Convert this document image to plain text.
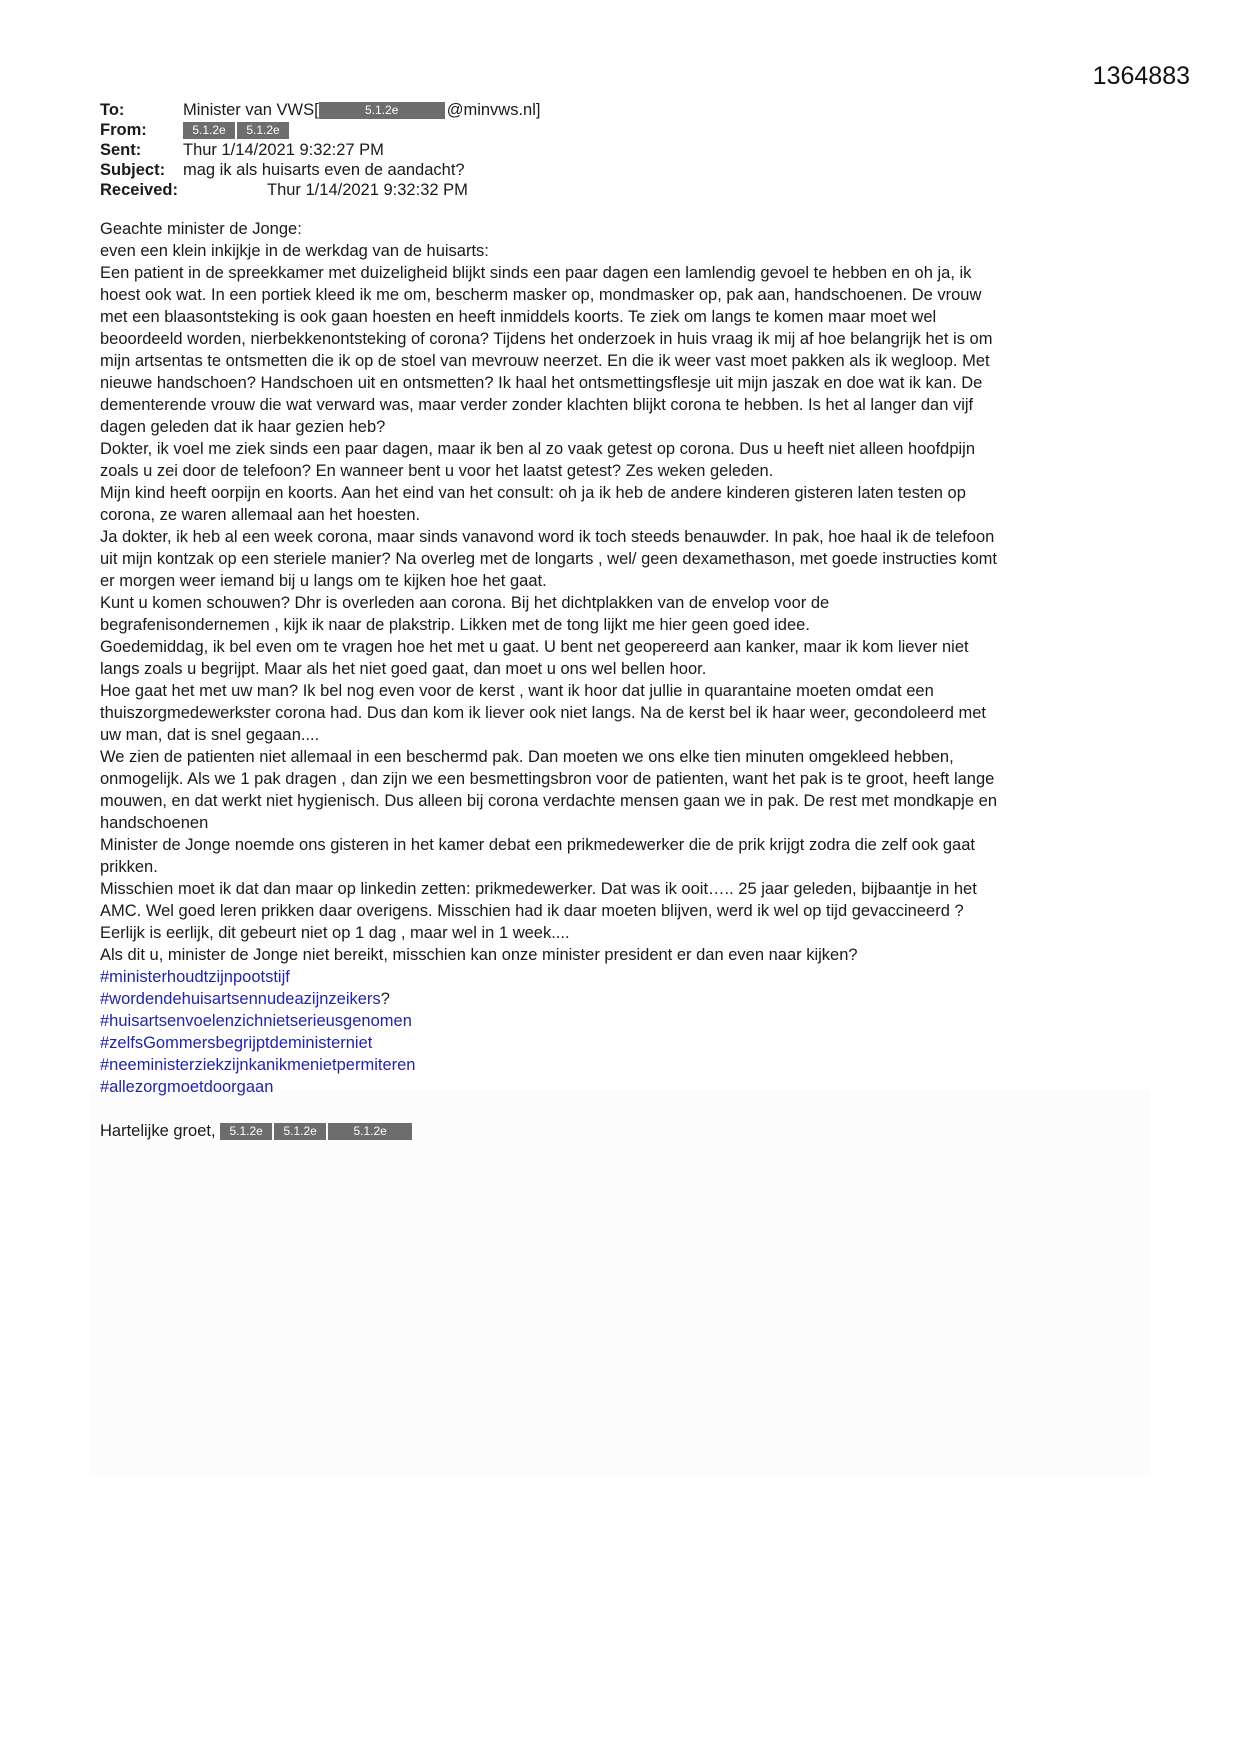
1364883
To:	Minister van VWS[	5.1.2e	@minvws.nl]
From:	5.1.2e	5.1.2e
Sent:	Thur 1/14/2021 9:32:27 PM
Subject:	mag ik als huisarts even de aandacht?
Received:	Thur 1/14/2021 9:32:32 PM

Geachte minister de Jonge:

even een klein inkijkje in de werkdag van de huisarts:

Een patient in de spreekkamer met duizeligheid blijkt sinds een paar dagen een lamlendig gevoel te hebben en oh ja, ik

hoest ook wat. In een portiek kleed ik me om, bescherm masker op, mondmasker op, pak aan, handschoenen. De vrouw

met een blaasontsteking is ook gaan hoesten en heeft inmiddels koorts. Te ziek om langs te komen maar moet wel

beoordeeld worden, nierbekkenontsteking of corona? Tijdens het onderzoek in huis vraag ik mij af hoe belangrijk het is om

mijn artsentas te ontsmetten die ik op de stoel van mevrouw neerzet. En die ik weer vast moet pakken als ik wegloop. Met

nieuwe handschoen? Handschoen uit en ontsmetten? Ik haal het ontsmettingsflesje uit mijn jaszak en doe wat ik kan. De

dementerende vrouw die wat verward was, maar verder zonder klachten blijkt corona te hebben. Is het al langer dan vijf

dagen geleden dat ik haar gezien heb?

Dokter, ik voel me ziek sinds een paar dagen, maar ik ben al zo vaak getest op corona. Dus u heeft niet alleen hoofdpijn

zoals u zei door de telefoon? En wanneer bent u voor het laatst getest? Zes weken geleden.

Mijn kind heeft oorpijn en koorts. Aan het eind van het consult: oh ja ik heb de andere kinderen gisteren laten testen op

corona, ze waren allemaal aan het hoesten.

Ja dokter, ik heb al een week corona, maar sinds vanavond word ik toch steeds benauwder. In pak, hoe haal ik de telefoon

uit mijn kontzak op een steriele manier? Na overleg met de longarts , wel/ geen dexamethason, met goede instructies komt

er morgen weer iemand bij u langs om te kijken hoe het gaat.

Kunt u komen schouwen? Dhr is overleden aan corona. Bij het dichtplakken van de envelop voor de

begrafenisondernemen , kijk ik naar de plakstrip. Likken met de tong lijkt me hier geen goed idee.

Goedemiddag, ik bel even om te vragen hoe het met u gaat. U bent net geopereerd aan kanker, maar ik kom liever niet

langs zoals u begrijpt. Maar als het niet goed gaat, dan moet u ons wel bellen hoor.

Hoe gaat het met uw man? Ik bel nog even voor de kerst , want ik hoor dat jullie in quarantaine moeten omdat een

thuiszorgmedewerkster corona had. Dus dan kom ik liever ook niet langs. Na de kerst bel ik haar weer, gecondoleerd met

uw man, dat is snel gegaan....

We zien de patienten niet allemaal in een beschermd pak. Dan moeten we ons elke tien minuten omgekleed hebben,

onmogelijk. Als we 1 pak dragen , dan zijn we een besmettingsbron voor de patienten, want het pak is te groot, heeft lange

mouwen, en dat werkt niet hygienisch. Dus alleen bij corona verdachte mensen gaan we in pak. De rest met mondkapje en

handschoenen

Minister de Jonge noemde ons gisteren in het kamer debat een prikmedewerker die de prik krijgt zodra die zelf ook gaat

prikken.

Misschien moet ik dat dan maar op linkedin zetten: prikmedewerker. Dat was ik ooit….. 25 jaar geleden, bijbaantje in het

AMC. Wel goed leren prikken daar overigens. Misschien had ik daar moeten blijven, werd ik wel op tijd gevaccineerd ?

Eerlijk is eerlijk, dit gebeurt niet op 1 dag , maar wel in 1 week....

Als dit u, minister de Jonge niet bereikt, misschien kan onze minister president er dan even naar kijken?

#ministerhoudtzijnpootstijf

#wordendehuisartsennudeazijnzeikers?

#huisartsenvoelenzichnietserieusgenomen

#zelfsGommersbegrijptdeministerniet

#neeministerziekzijnkanikmenietpermiteren

#allezorgmoetdoorgaan

Hartelijke groet,
	5.1.2e	5.1.2e	5.1.2e
